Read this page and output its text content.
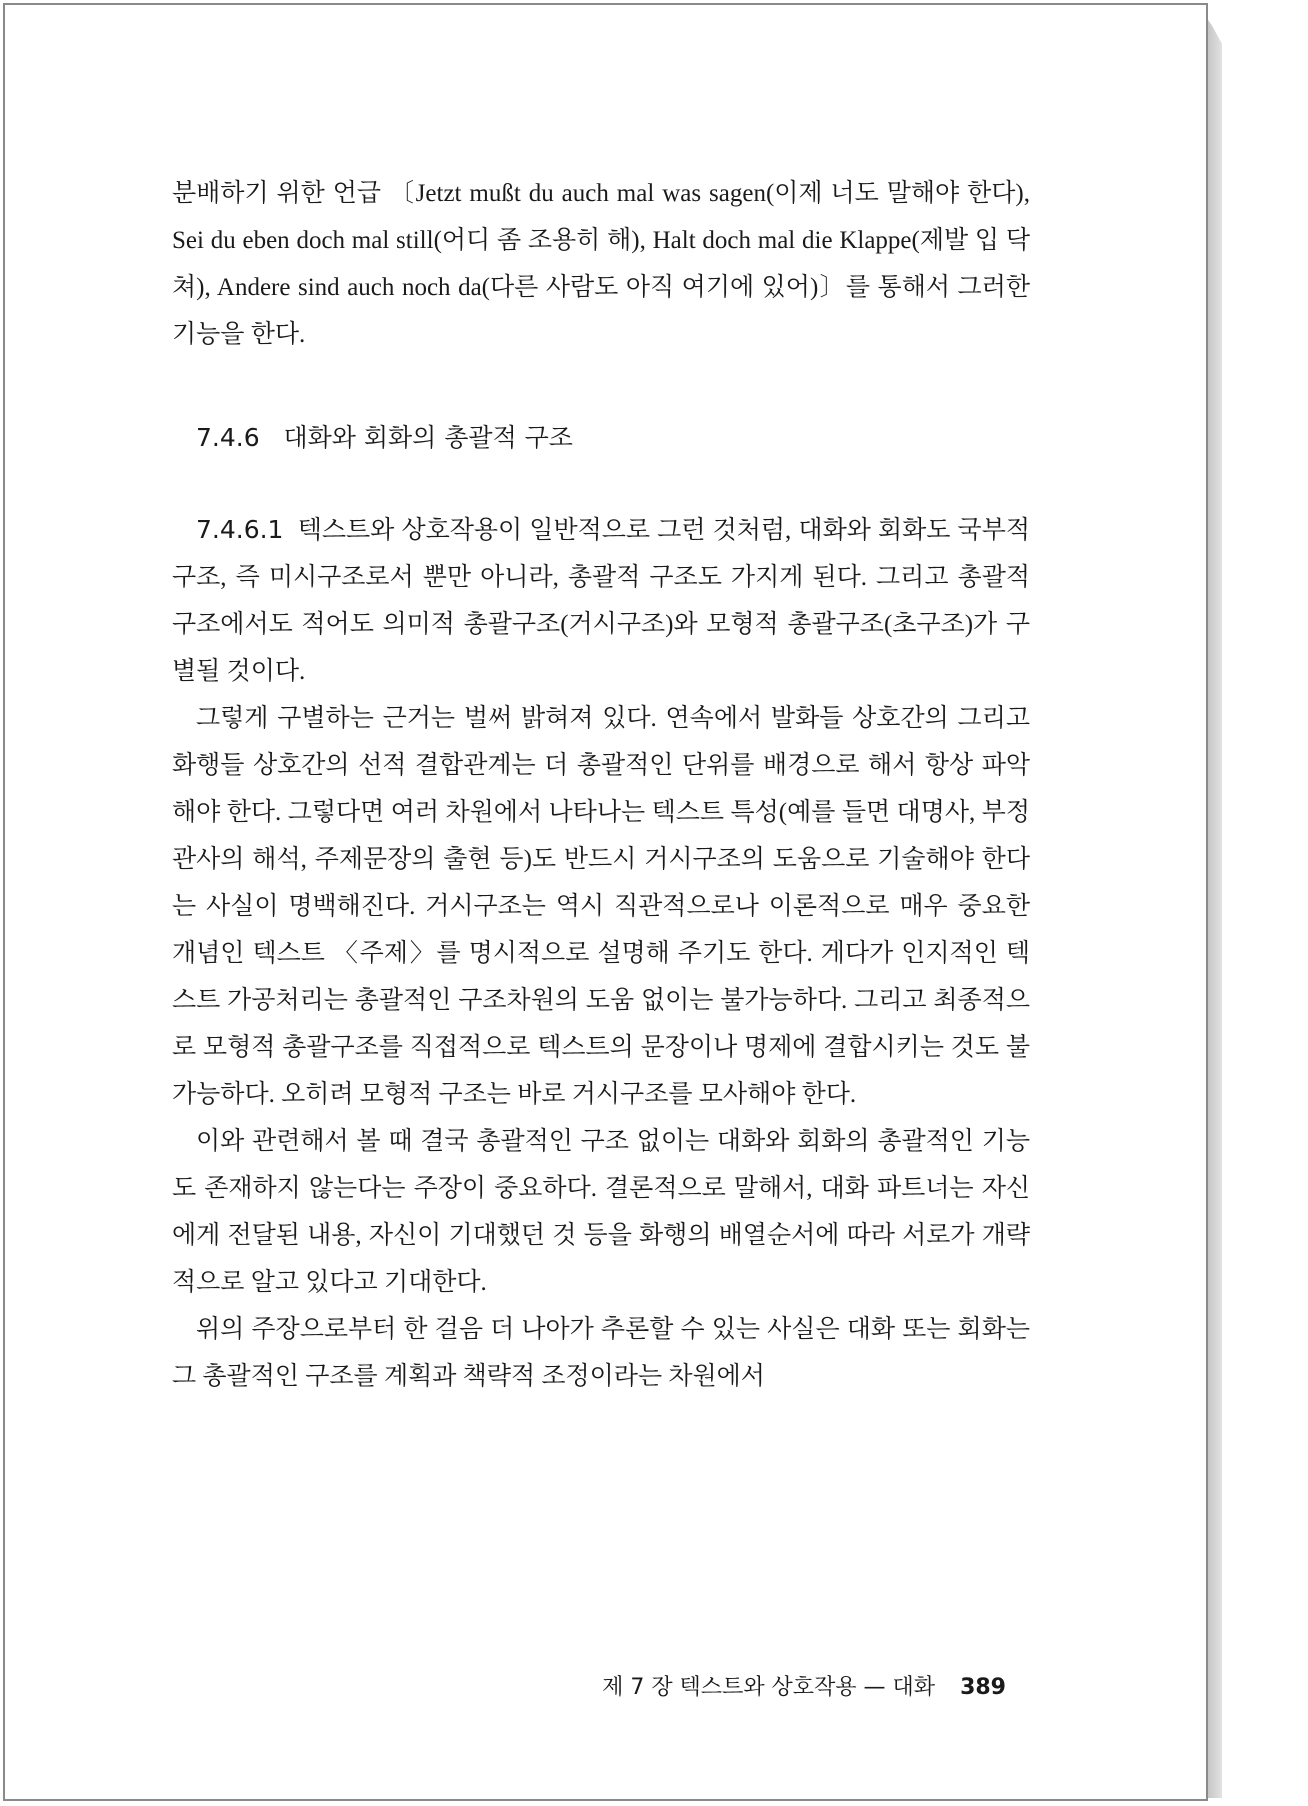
분배하기 위한 언급 〔Jetzt mußt du auch mal was sagen(이제 너도 말해야 한다), Sei du eben doch mal still(어디 좀 조용히 해), Halt doch mal die Klappe(제발 입 닥쳐), Andere sind auch noch da(다른 사람도 아직 여기에 있어)〕를 통해서 그러한 기능을 한다.

7.4.6 대화와 회화의 총괄적 구조

7.4.6.1 텍스트와 상호작용이 일반적으로 그런 것처럼, 대화와 회화도 국부적 구조, 즉 미시구조로서 뿐만 아니라, 총괄적 구조도 가지게 된다. 그리고 총괄적 구조에서도 적어도 의미적 총괄구조(거시구조)와 모형적 총괄구조(초구조)가 구별될 것이다.

그렇게 구별하는 근거는 벌써 밝혀져 있다. 연속에서 발화들 상호간의 그리고 화행들 상호간의 선적 결합관계는 더 총괄적인 단위를 배경으로 해서 항상 파악해야 한다. 그렇다면 여러 차원에서 나타나는 텍스트 특성(예를 들면 대명사, 부정관사의 해석, 주제문장의 출현 등)도 반드시 거시구조의 도움으로 기술해야 한다는 사실이 명백해진다. 거시구조는 역시 직관적으로나 이론적으로 매우 중요한 개념인 텍스트 〈주제〉를 명시적으로 설명해 주기도 한다. 게다가 인지적인 텍스트 가공처리는 총괄적인 구조차원의 도움 없이는 불가능하다. 그리고 최종적으로 모형적 총괄구조를 직접적으로 텍스트의 문장이나 명제에 결합시키는 것도 불가능하다. 오히려 모형적 구조는 바로 거시구조를 모사해야 한다.

이와 관련해서 볼 때 결국 총괄적인 구조 없이는 대화와 회화의 총괄적인 기능도 존재하지 않는다는 주장이 중요하다. 결론적으로 말해서, 대화 파트너는 자신에게 전달된 내용, 자신이 기대했던 것 등을 화행의 배열순서에 따라 서로가 개략적으로 알고 있다고 기대한다.

위의 주장으로부터 한 걸음 더 나아가 추론할 수 있는 사실은 대화 또는 회화는 그 총괄적인 구조를 계획과 책략적 조정이라는 차원에서

제 7 장 텍스트와 상호작용 — 대화 389
